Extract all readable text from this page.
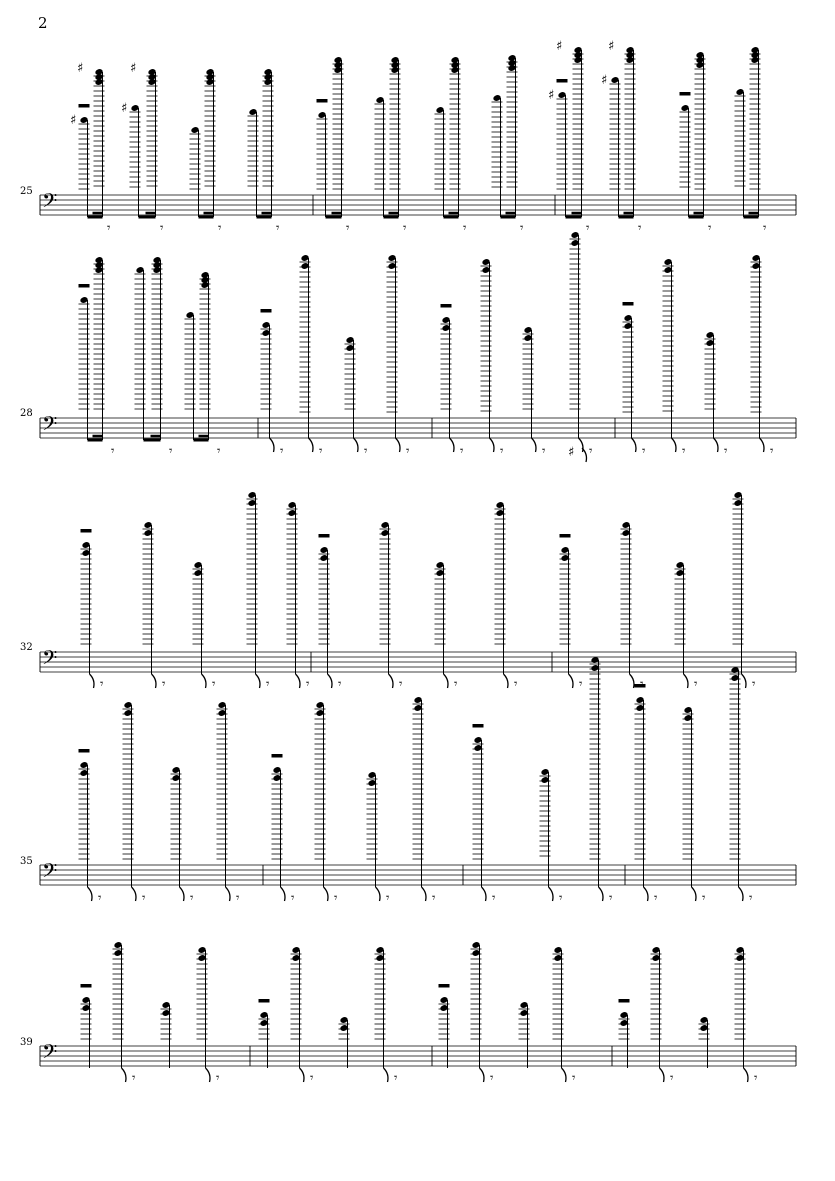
2
25
28
32
35
39
𝄢
♯
♯
𝄾
♯
♯
𝄾	𝄾	𝄾	𝄾	𝄾	𝄾	𝄾
♯
♯
𝄾
♯
♯
𝄾	𝄾	𝄾
𝄢
𝄾	𝄾	𝄾	𝄾	𝄾	𝄾	𝄾	𝄾	𝄾	𝄾	𝄾	𝄾	𝄾	𝄾	𝄾
♯
𝄢
𝄾	𝄾	𝄾	𝄾	𝄾 𝄾	𝄾	𝄾	𝄾	𝄾	𝄾	𝄾
𝄢
𝄾	𝄾	𝄾	𝄾	𝄾	𝄾	𝄾	𝄾	𝄾	𝄾	𝄾	𝄾	𝄾	𝄾
𝄢
𝄾	𝄾	𝄾	𝄾	𝄾	𝄾	𝄾	𝄾
